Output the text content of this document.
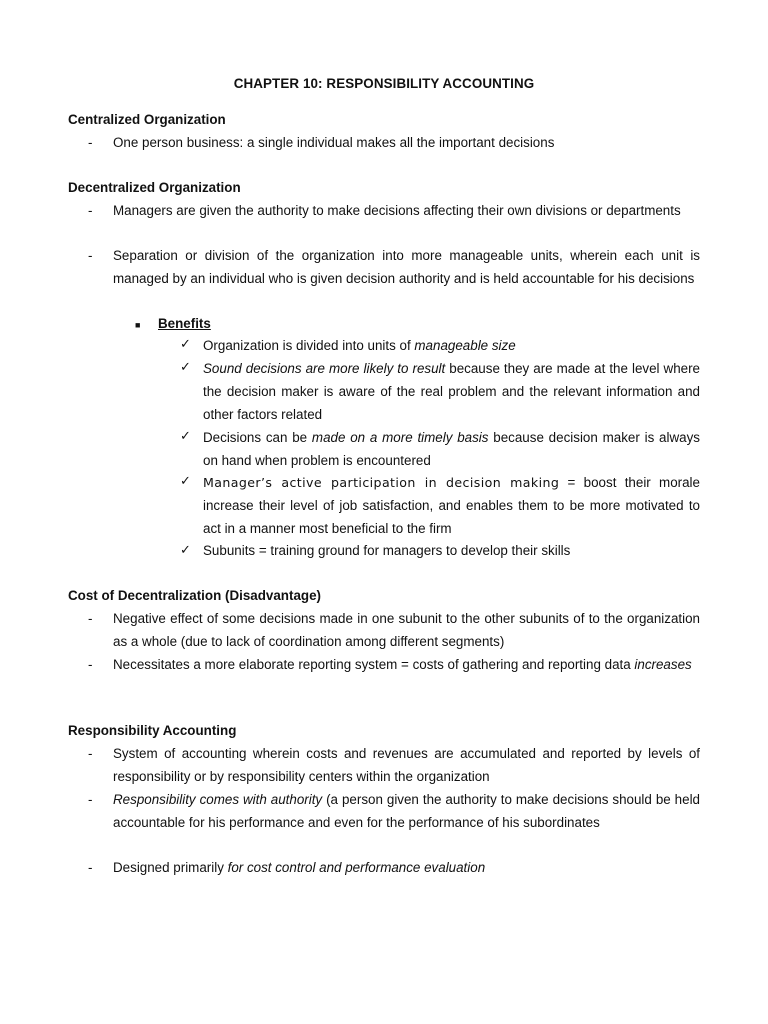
CHAPTER 10: RESPONSIBILITY ACCOUNTING
Centralized Organization
- One person business: a single individual makes all the important decisions
Decentralized Organization
- Managers are given the authority to make decisions affecting their own divisions or departments
- Separation or division of the organization into more manageable units, wherein each unit is managed by an individual who is given decision authority and is held accountable for his decisions
■ Benefits
✓ Organization is divided into units of manageable size
✓ Sound decisions are more likely to result because they are made at the level where the decision maker is aware of the real problem and the relevant information and other factors related
✓ Decisions can be made on a more timely basis because decision maker is always on hand when problem is encountered
✓ Manager’s active participation in decision making = boost their morale increase their level of job satisfaction, and enables them to be more motivated to act in a manner most beneficial to the firm
✓ Subunits = training ground for managers to develop their skills
Cost of Decentralization (Disadvantage)
- Negative effect of some decisions made in one subunit to the other subunits of to the organization as a whole (due to lack of coordination among different segments)
- Necessitates a more elaborate reporting system = costs of gathering and reporting data increases
Responsibility Accounting
- System of accounting wherein costs and revenues are accumulated and reported by levels of responsibility or by responsibility centers within the organization
- Responsibility comes with authority (a person given the authority to make decisions should be held accountable for his performance and even for the performance of his subordinates
- Designed primarily for cost control and performance evaluation
